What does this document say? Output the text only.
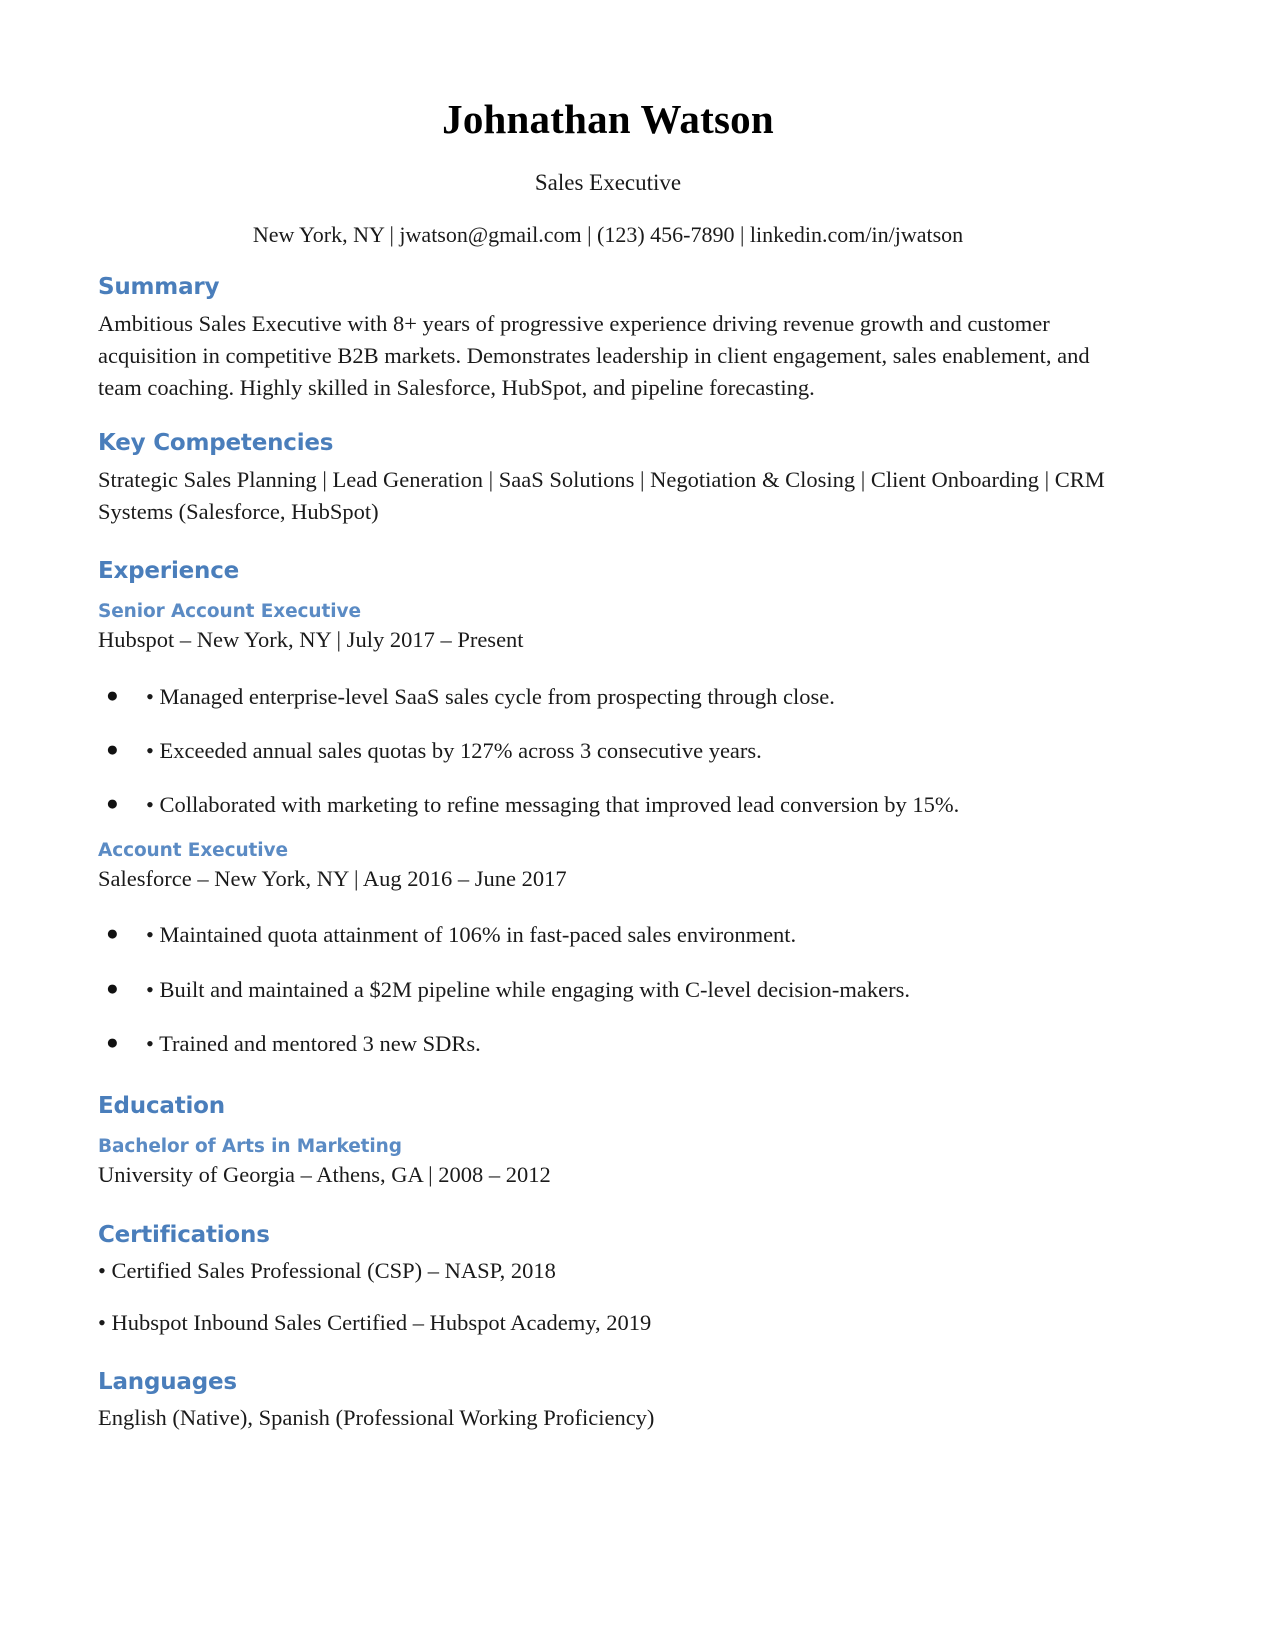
Johnathan Watson
Sales Executive
New York, NY | jwatson@gmail.com | (123) 456-7890 | linkedin.com/in/jwatson
Summary

Ambitious Sales Executive with 8+ years of progressive experience driving revenue growth and customer acquisition in competitive B2B markets. Demonstrates leadership in client engagement, sales enablement, and team coaching. Highly skilled in Salesforce, HubSpot, and pipeline forecasting.

Key Competencies

Strategic Sales Planning | Lead Generation | SaaS Solutions | Negotiation & Closing | Client Onboarding | CRM Systems (Salesforce, HubSpot)

Experience
Senior Account Executive
Hubspot – New York, NY | July 2017 – Present
● • Managed enterprise-level SaaS sales cycle from prospecting through close.
● • Exceeded annual sales quotas by 127% across 3 consecutive years.
● • Collaborated with marketing to refine messaging that improved lead conversion by 15%.
Account Executive
Salesforce – New York, NY | Aug 2016 – June 2017
● • Maintained quota attainment of 106% in fast-paced sales environment.
● • Built and maintained a $2M pipeline while engaging with C-level decision-makers.
● • Trained and mentored 3 new SDRs.
Education
Bachelor of Arts in Marketing
University of Georgia – Athens, GA | 2008 – 2012
Certifications
• Certified Sales Professional (CSP) – NASP, 2018
• Hubspot Inbound Sales Certified – Hubspot Academy, 2019
Languages

English (Native), Spanish (Professional Working Proficiency)
